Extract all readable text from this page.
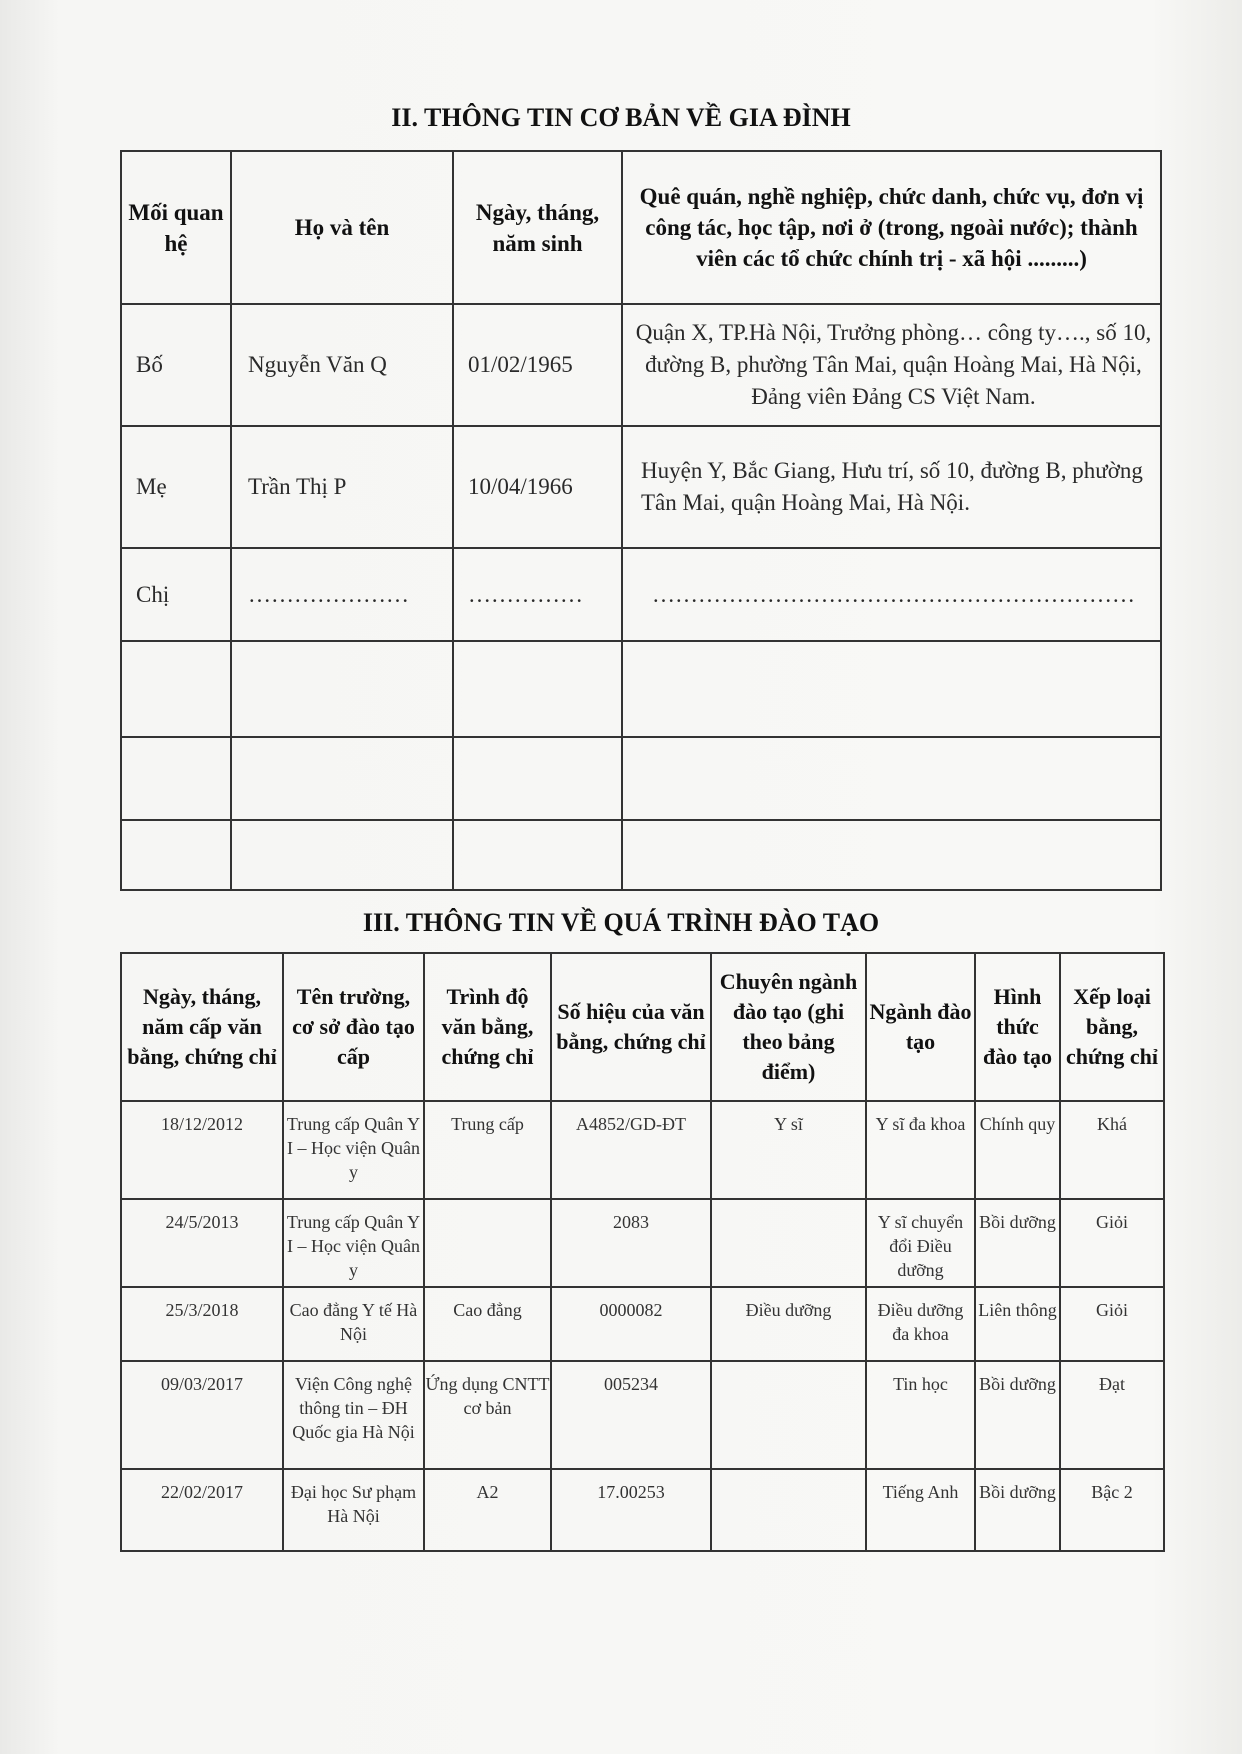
II. THÔNG TIN CƠ BẢN VỀ GIA ĐÌNH
Mối quan hệ	Họ và tên	Ngày, tháng, năm sinh	Quê quán, nghề nghiệp, chức danh, chức vụ, đơn vị công tác, học tập, nơi ở (trong, ngoài nước); thành viên các tổ chức chính trị - xã hội .........)
Bố	Nguyễn Văn Q	01/02/1965	Quận X, TP.Hà Nội, Trưởng phòng… công ty…., số 10, đường B, phường Tân Mai, quận Hoàng Mai, Hà Nội, Đảng viên Đảng CS Việt Nam.
Mẹ	Trần Thị P	10/04/1966	Huyện Y, Bắc Giang, Hưu trí, số 10, đường B, phường Tân Mai, quận Hoàng Mai, Hà Nội.
Chị	…………………	……………	………………………………………………………

III. THÔNG TIN VỀ QUÁ TRÌNH ĐÀO TẠO
Ngày, tháng, năm cấp văn bằng, chứng chỉ	Tên trường, cơ sở đào tạo cấp	Trình độ văn bằng, chứng chỉ	Số hiệu của văn bằng, chứng chỉ	Chuyên ngành đào tạo (ghi theo bảng điểm)	Ngành đào tạo	Hình thức đào tạo	Xếp loại bằng, chứng chỉ
18/12/2012	Trung cấp Quân Y I – Học viện Quân y	Trung cấp	A4852/GD-ĐT	Y sĩ	Y sĩ đa khoa	Chính quy	Khá
24/5/2013	Trung cấp Quân Y I – Học viện Quân y		2083		Y sĩ chuyển đổi Điều dưỡng	Bồi dưỡng	Giỏi
25/3/2018	Cao đẳng Y tế Hà Nội	Cao đẳng	0000082	Điều dưỡng	Điều dưỡng đa khoa	Liên thông	Giỏi
09/03/2017	Viện Công nghệ thông tin – ĐH Quốc gia Hà Nội	Ứng dụng CNTT cơ bản	005234		Tin học	Bồi dưỡng	Đạt
22/02/2017	Đại học Sư phạm Hà Nội	A2	17.00253		Tiếng Anh	Bồi dưỡng	Bậc 2
